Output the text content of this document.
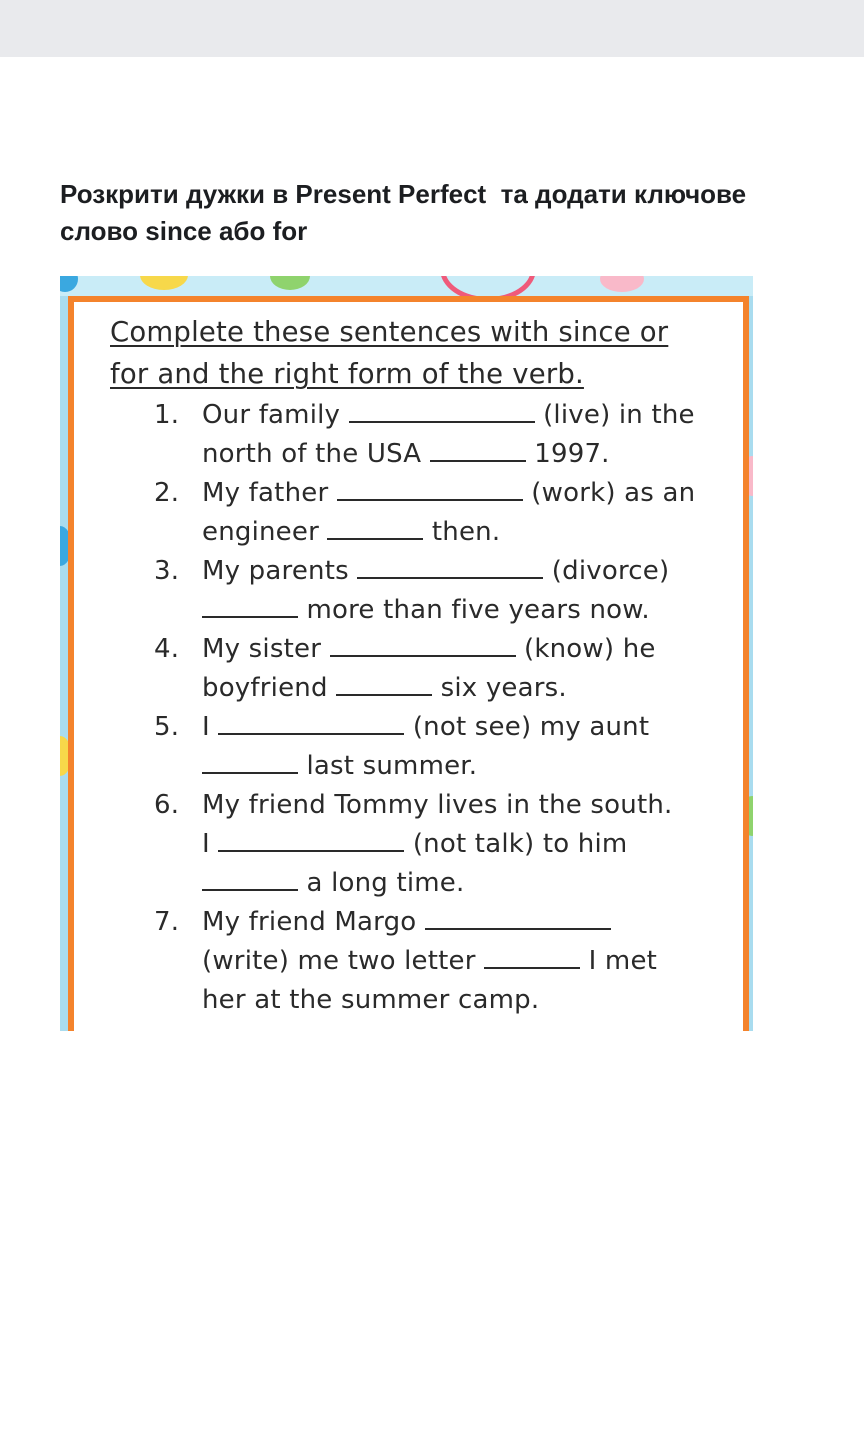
Розкрити дужки в Present Perfect  та додати ключове
слово since або for
Complete these sentences with since or
for and the right form of the verb.
1. Our family	(live) in the
north of the USA	1997.
2. My father	(work) as an
engineer	then.
3. My parents	(divorce)
more than five years now.
4. My sister	(know) he
boyfriend	six years.
5. I	(not see) my aunt
last summer.
6. My friend Tommy lives in the south.
I	(not talk) to him
a long time.
7. My friend Margo
(write) me two letter	I met
her at the summer camp.
